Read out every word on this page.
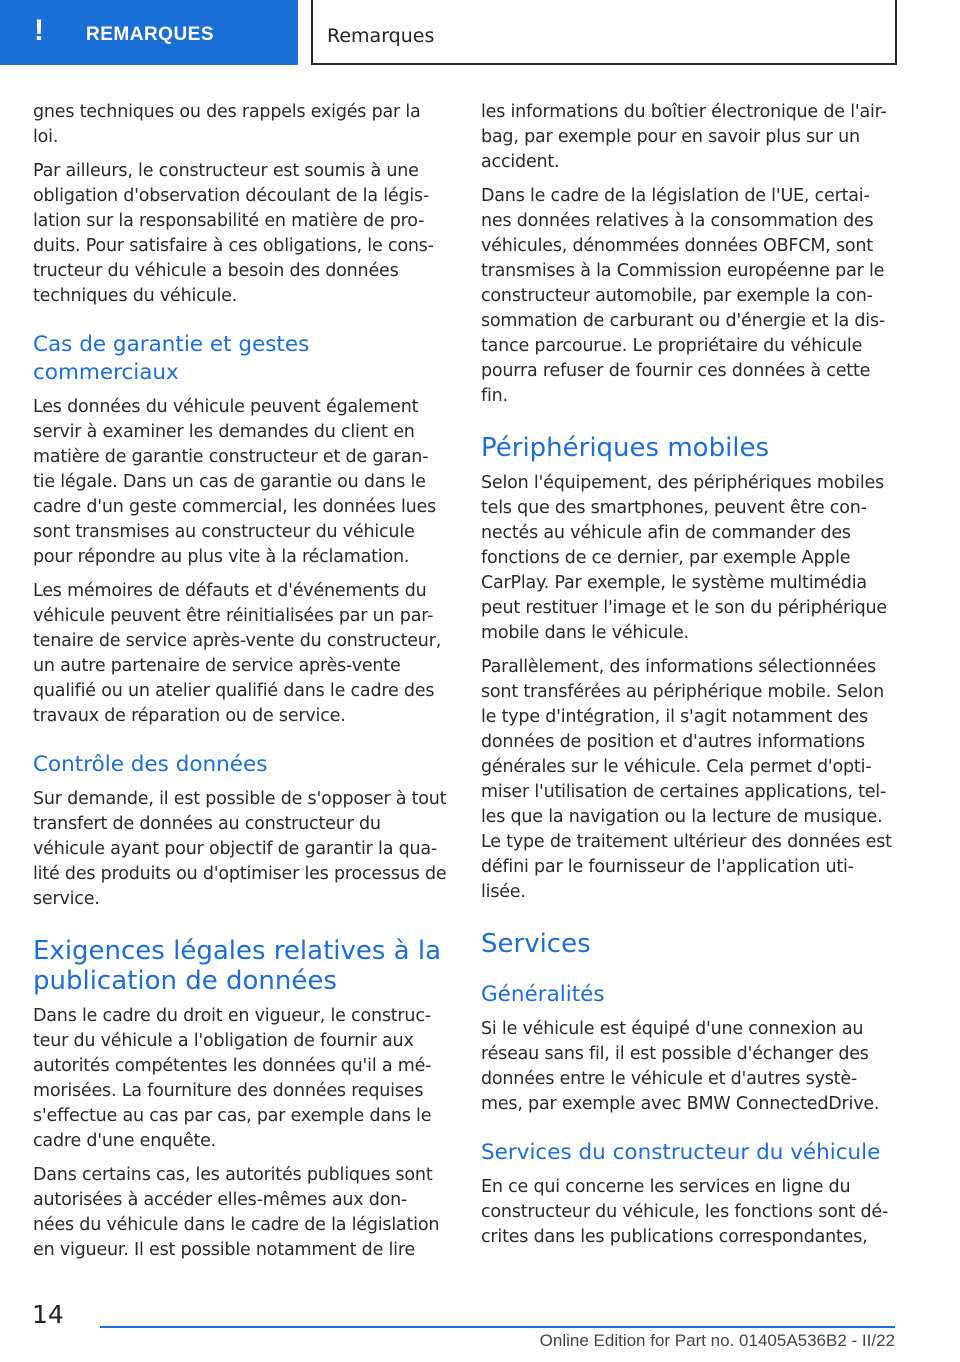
! REMARQUES	Remarques

gnes techniques ou des rappels exigés par la loi.

Par ailleurs, le constructeur est soumis à une obligation d'observation découlant de la légis-lation sur la responsabilité en matière de pro-duits. Pour satisfaire à ces obligations, le cons-tructeur du véhicule a besoin des données techniques du véhicule.

Cas de garantie et gestes commerciaux

Les données du véhicule peuvent également servir à examiner les demandes du client en matière de garantie constructeur et de garan-tie légale. Dans un cas de garantie ou dans le cadre d'un geste commercial, les données lues sont transmises au constructeur du véhicule pour répondre au plus vite à la réclamation.

Les mémoires de défauts et d'événements du véhicule peuvent être réinitialisées par un par-tenaire de service après-vente du constructeur, un autre partenaire de service après-vente qualifié ou un atelier qualifié dans le cadre des travaux de réparation ou de service.

Contrôle des données

Sur demande, il est possible de s'opposer à tout transfert de données au constructeur du véhicule ayant pour objectif de garantir la qua-lité des produits ou d'optimiser les processus de service.

Exigences légales relatives à la publication de données

Dans le cadre du droit en vigueur, le construc-teur du véhicule a l'obligation de fournir aux autorités compétentes les données qu'il a mé-morisées. La fourniture des données requises s'effectue au cas par cas, par exemple dans le cadre d'une enquête.

Dans certains cas, les autorités publiques sont autorisées à accéder elles-mêmes aux don-nées du véhicule dans le cadre de la législation en vigueur. Il est possible notamment de lire

les informations du boîtier électronique de l'air-bag, par exemple pour en savoir plus sur un accident.

Dans le cadre de la législation de l'UE, certai-nes données relatives à la consommation des véhicules, dénommées données OBFCM, sont transmises à la Commission européenne par le constructeur automobile, par exemple la con-sommation de carburant ou d'énergie et la dis-tance parcourue. Le propriétaire du véhicule pourra refuser de fournir ces données à cette fin.

Périphériques mobiles

Selon l'équipement, des périphériques mobiles tels que des smartphones, peuvent être con-nectés au véhicule afin de commander des fonctions de ce dernier, par exemple Apple CarPlay. Par exemple, le système multimédia peut restituer l'image et le son du périphérique mobile dans le véhicule.

Parallèlement, des informations sélectionnées sont transférées au périphérique mobile. Selon le type d'intégration, il s'agit notamment des données de position et d'autres informations générales sur le véhicule. Cela permet d'opti-miser l'utilisation de certaines applications, tel-les que la navigation ou la lecture de musique. Le type de traitement ultérieur des données est défini par le fournisseur de l'application uti-lisée.

Services
Généralités

Si le véhicule est équipé d'une connexion au réseau sans fil, il est possible d'échanger des données entre le véhicule et d'autres systè-mes, par exemple avec BMW ConnectedDrive.

Services du constructeur du véhicule

En ce qui concerne les services en ligne du constructeur du véhicule, les fonctions sont dé-crites dans les publications correspondantes,

14
Online Edition for Part no. 01405A536B2 - II/22
